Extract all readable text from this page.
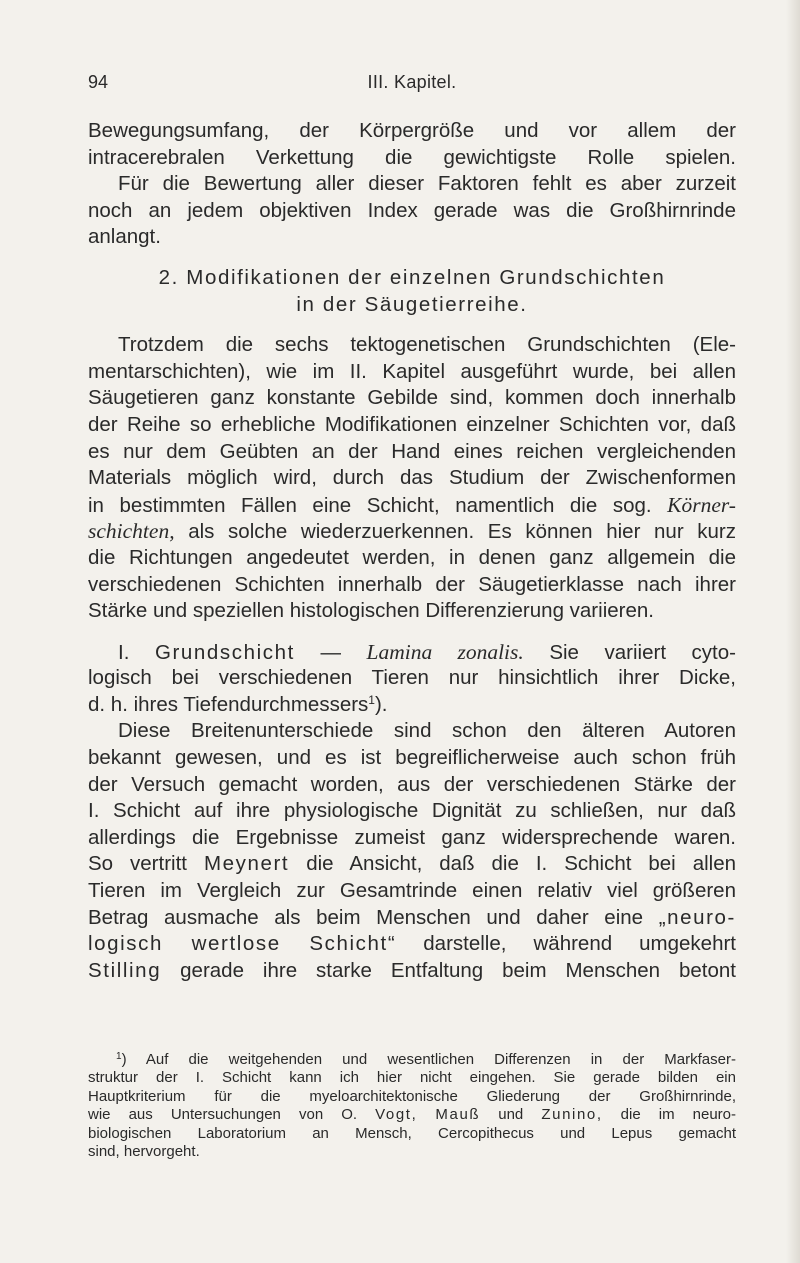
94	III. Kapitel.
Bewegungsumfang, der Körpergröße und vor allem der
intracerebralen Verkettung die gewichtigste Rolle spielen.
Für die Bewertung aller dieser Faktoren fehlt es aber zurzeit
noch an jedem objektiven Index gerade was die Großhirnrinde
anlangt.
2. Modifikationen der einzelnen Grundschichten
in der Säugetierreihe.
Trotzdem die sechs tektogenetischen Grundschichten (Ele-
mentarschichten), wie im II. Kapitel ausgeführt wurde, bei allen
Säugetieren ganz konstante Gebilde sind, kommen doch innerhalb
der Reihe so erhebliche Modifikationen einzelner Schichten vor, daß
es nur dem Geübten an der Hand eines reichen vergleichenden
Materials möglich wird, durch das Studium der Zwischenformen
in bestimmten Fällen eine Schicht, namentlich die sog. Körner-
schichten, als solche wiederzuerkennen. Es können hier nur kurz
die Richtungen angedeutet werden, in denen ganz allgemein die
verschiedenen Schichten innerhalb der Säugetierklasse nach ihrer
Stärke und speziellen histologischen Differenzierung variieren.
I. Grundschicht — Lamina zonalis. Sie variiert cyto-
logisch bei verschiedenen Tieren nur hinsichtlich ihrer Dicke,
d. h. ihres Tiefendurchmessers$^1$).
Diese Breitenunterschiede sind schon den älteren Autoren
bekannt gewesen, und es ist begreiflicherweise auch schon früh
der Versuch gemacht worden, aus der verschiedenen Stärke der
I. Schicht auf ihre physiologische Dignität zu schließen, nur daß
allerdings die Ergebnisse zumeist ganz widersprechende waren.
So vertritt Meynert die Ansicht, daß die I. Schicht bei allen
Tieren im Vergleich zur Gesamtrinde einen relativ viel größeren
Betrag ausmache als beim Menschen und daher eine „neuro-
logisch wertlose Schicht“ darstelle, während umgekehrt
Stilling gerade ihre starke Entfaltung beim Menschen betont
$^1$) Auf die weitgehenden und wesentlichen Differenzen in der Markfaser-
struktur der I. Schicht kann ich hier nicht eingehen. Sie gerade bilden ein
Hauptkriterium für die myeloarchitektonische Gliederung der Großhirnrinde,
wie aus Untersuchungen von O. Vogt, Mauß und Zunino, die im neuro-
biologischen Laboratorium an Mensch, Cercopithecus und Lepus gemacht
sind, hervorgeht.
